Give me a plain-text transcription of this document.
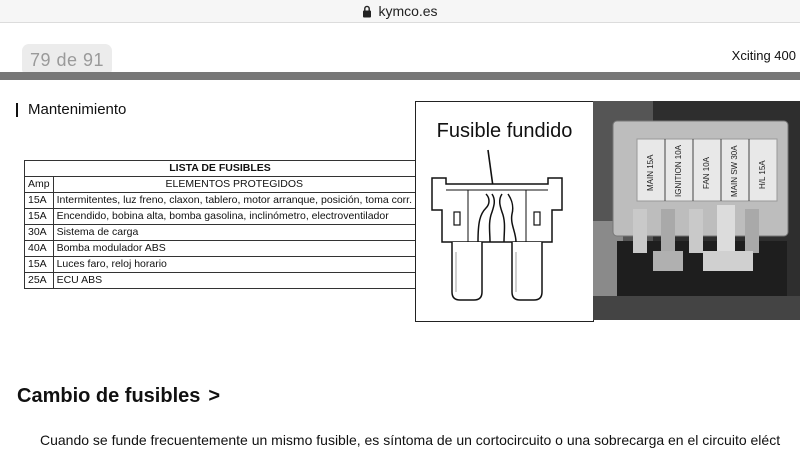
kymco.es
79 de 91	Xciting 400
Mantenimiento
LISTA DE FUSIBLES	
Amp	ELEMENTOS PROTEGIDOS
15A	Intermitentes, luz freno, claxon, tablero, motor arranque, posición, toma corr.
15A	Encendido, bobina alta, bomba gasolina, inclinómetro, electroventilador
30A	Sistema de carga
40A	Bomba modulador ABS
15A	Luces faro, reloj horario
25A	ECU ABS
Fusible fundido
MAIN 15A IGNITION 10A FAN 10A MAIN SW 30A H/L 15A
Cambio de fusibles >
Cuando se funde frecuentemente un mismo fusible, es síntoma de un cortocircuito o una sobrecarga en el circuito eléct
